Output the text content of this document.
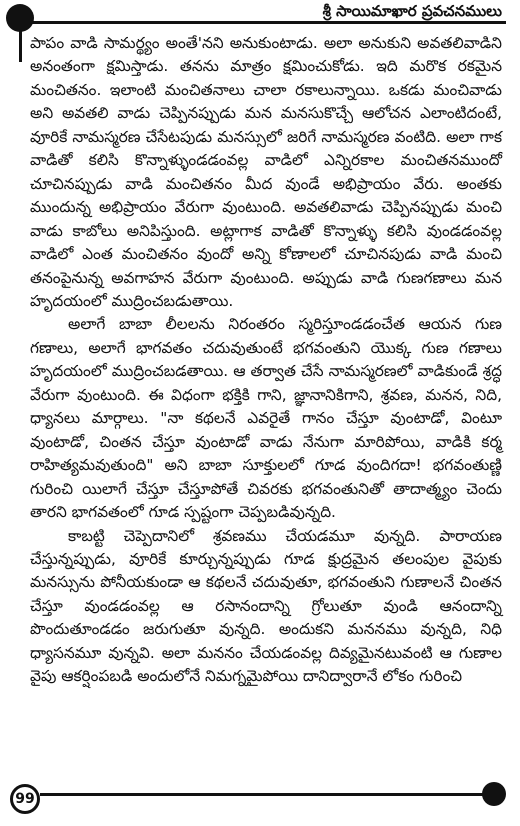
శ్రీ సాయిమాఖార ప్రవచనములు

పాపం వాడి సామర్థ్యం అంతే'నని అనుకుంటాడు. అలా అనుకుని అవతలివాడిని అనంతంగా క్షమిస్తాడు. తనను మాత్రం క్షమించుకోడు. ఇది మరొక రకమైన మంచితనం. ఇలాంటి మంచితనాలు చాలా రకాలున్నాయి. ఒకడు మంచివాడు అని అవతలి వాడు చెప్పినప్పుడు మన మనసుకొచ్చే ఆలోచన ఎలాంటిదంటే, వూరికే నామస్మరణ చేసేటపుడు మనస్సులో జరిగే నామస్మరణ వంటిది. అలా గాక వాడితో కలిసి కొన్నాళ్ళుండడంవల్ల వాడిలో ఎన్నిరకాల మంచితనముందో చూచినప్పుడు వాడి మంచితనం మీద వుండే అభిప్రాయం వేరు. అంతకు ముందున్న అభిప్రాయం వేరుగా వుంటుంది. అవతలివాడు చెప్పినప్పుడు మంచి వాడు కాబోలు అనిపిస్తుంది. అట్లాగాక వాడితో కొన్నాళ్ళు కలిసి వుండడంవల్ల వాడిలో ఎంత మంచితనం వుందో అన్ని కోణాలలో చూచినపుడు వాడి మంచి తనంపైనున్న అవగాహన వేరుగా వుంటుంది. అప్పుడు వాడి గుణగణాలు మన హృదయంలో ముద్రించబడుతాయి.

అలాగే బాబా లీలలను నిరంతరం స్మరిస్తూండడంచేత ఆయన గుణ గణాలు, అలాగే భాగవతం చదువుతుంటే భగవంతుని యొక్క గుణ గణాలు హృదయంలో ముద్రించబడతాయి. ఆ తర్వాత చేసే నామస్మరణలో వాడికుండే శ్రద్ధ వేరుగా వుంటుంది. ఈ విధంగా భక్తికి గాని, జ్ఞానానికిగాని, శ్రవణ, మనన, నిది, ధ్యానలు మార్గాలు. "నా కథలనే ఎవరైతే గానం చేస్తూ వుంటాడో, వింటూ వుంటాడో, చింతన చేస్తూ వుంటాడో వాడు నేనుగా మారిపోయి, వాడికి కర్మ రాహిత్యమవుతుంది" అని బాబా సూక్తులలో గూడ వుందిగదా! భగవంతుణ్ణి గురించి యిలాగే చేస్తూ చేస్తూపోతే చివరకు భగవంతునితో తాదాత్మ్యం చెందు తారని భాగవతంలో గూడ స్పష్టంగా చెప్పబడివున్నది.

కాబట్టి చెప్పెదానిలో శ్రవణము చేయడమూ వున్నది. పారాయణ చేస్తున్నప్పుడు, వూరికే కూర్చున్నప్పుడు గూడ క్షుద్రమైన తలంపుల వైపుకు మనస్సును పోనీయకుండా ఆ కథలనే చదువుతూ, భగవంతుని గుణాలనే చింతన చేస్తూ వుండడంవల్ల ఆ రసానందాన్ని గ్రోలుతూ వుండి ఆనందాన్ని పొందుతూండడం జరుగుతూ వున్నది. అందుకని మననము వున్నది, నిధి ధ్యాసనమూ వున్నవి. అలా మననం చేయడంవల్ల దివ్యమైనటువంటి ఆ గుణాల వైపు ఆకర్షింపబడి అందులోనే నిమగ్నమైపోయి దానిద్వారానే లోకం గురించి

99
